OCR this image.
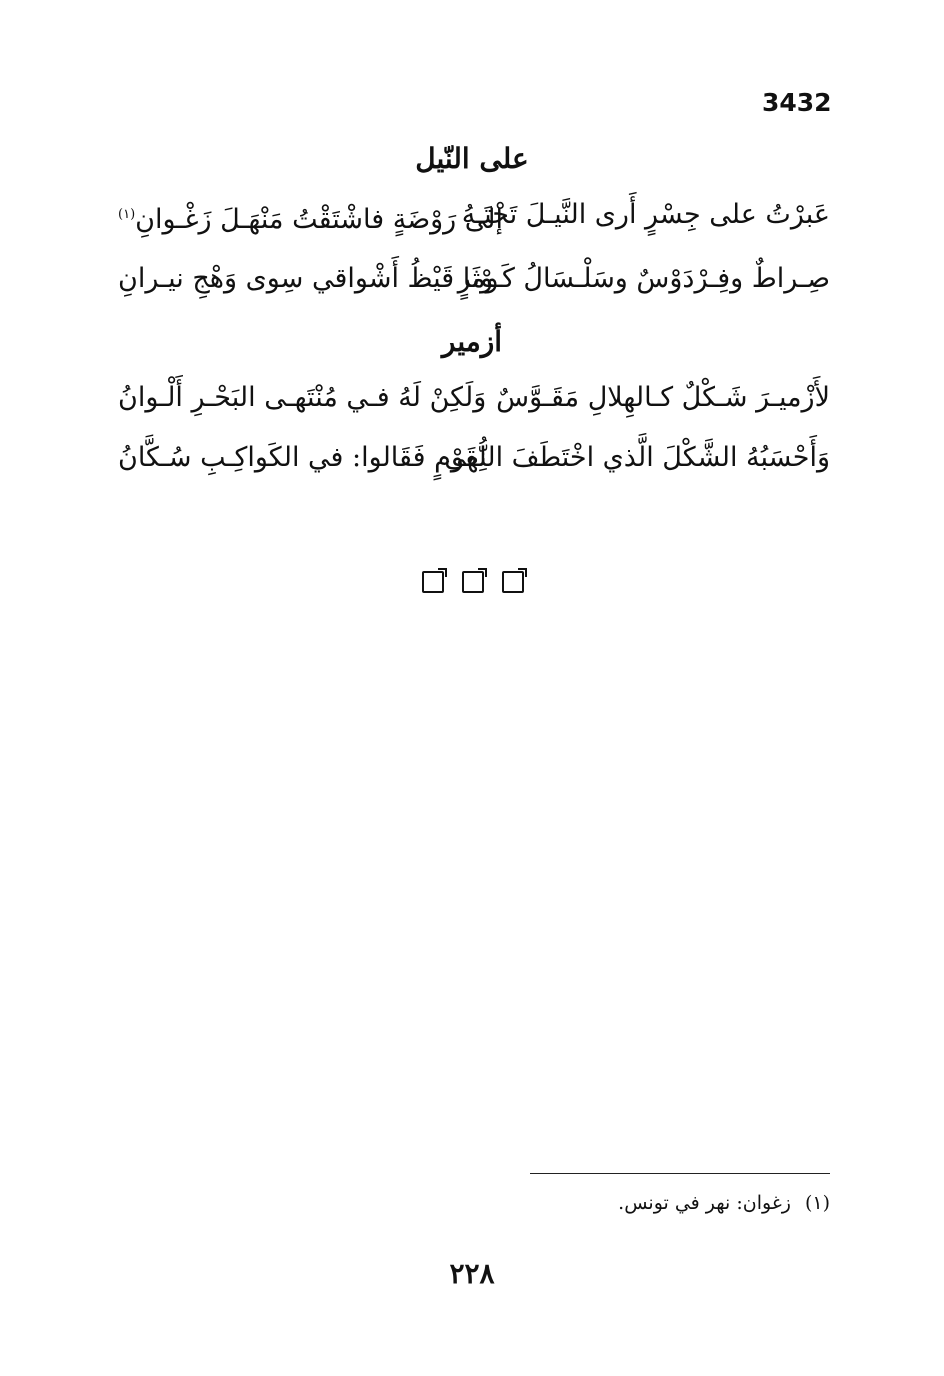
3432
على النّيل
عَبرْتُ على جِسْرٍ أَرى النَّيـلَ تَحْتَـهُ
إلى رَوْضَةٍ فاشْتَقْتُ مَنْهَـلَ زَغْـوانِ$^{(١)}$
صِـراطٌ وفِـرْدَوْسٌ وسَلْـسَالُ كَـوْثَرٍ
وما قَيْظُ أَشْواقي سِوى وَهْجِ نيـرانِ
أزمير
لأَزْميـرَ شَـكْلٌ كـالهِلالِ مَقَـوَّسٌ
وَلَكِنْ لَهُ فـي مُنْتَهـى البَحْـرِ أَلْـوانُ
وَأَحْسَبُهُ الشَّكْلَ الَّذي اخْتَطَفَ النُّهى
لِقَوْمٍ فَقَالوا: في الكَواكِـبِ سُـكَّانُ
(١)زغوان: نهر في تونس.
٢٢٨
